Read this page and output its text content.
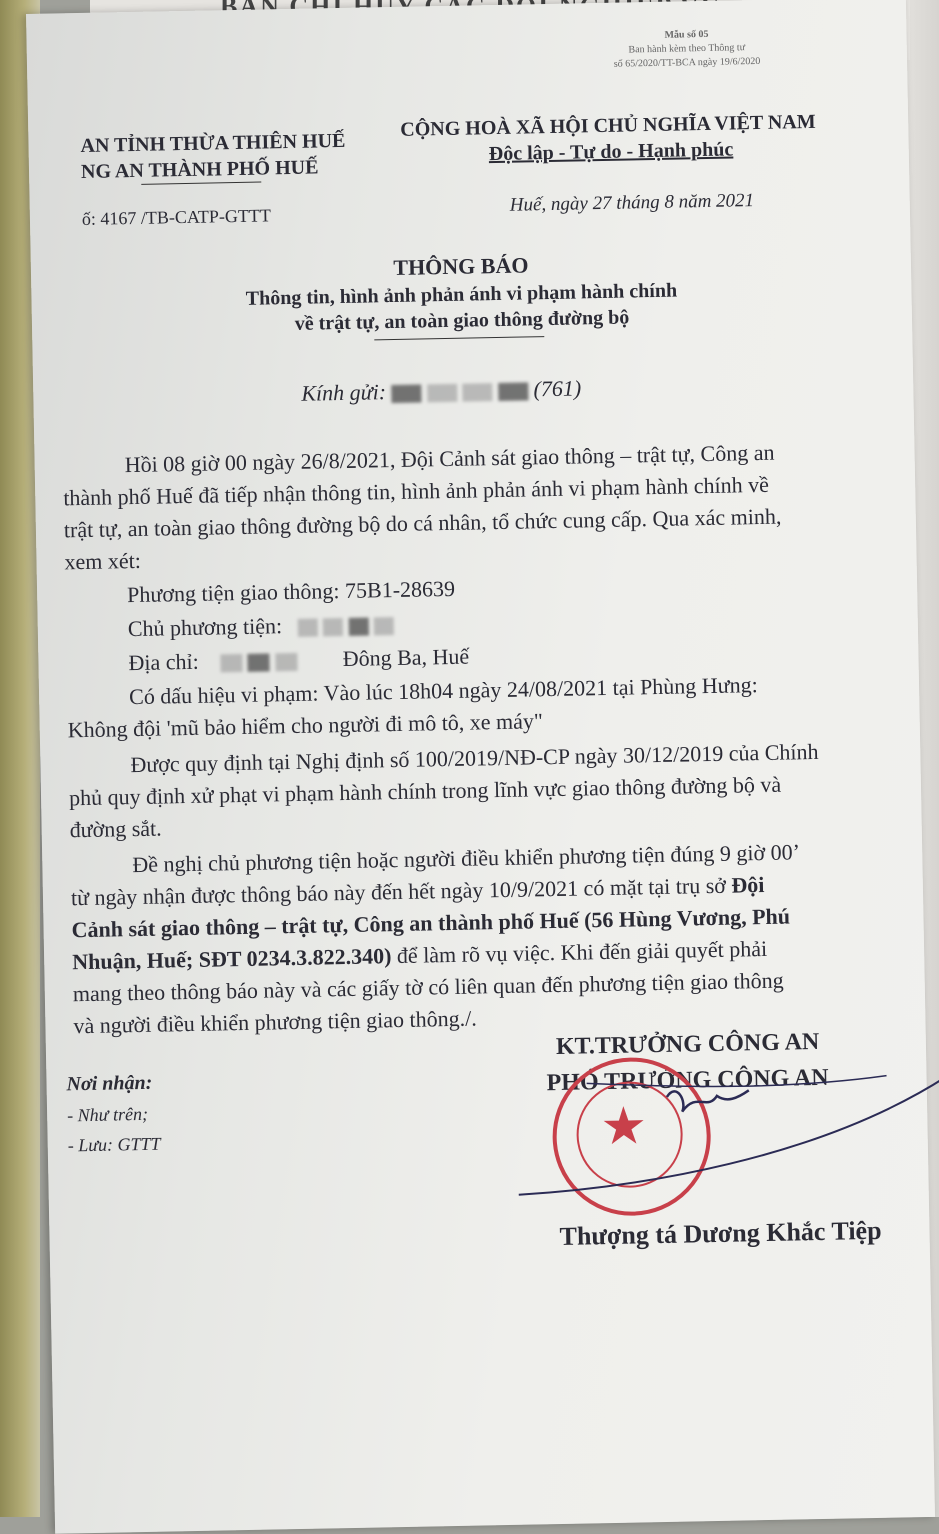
Mẫu số 05
Ban hành kèm theo Thông tư
số 65/2020/TT-BCA ngày 19/6/2020
AN TỈNH THỪA THIÊN HUẾ
NG AN THÀNH PHỐ HUẾ
ố: 4167 /TB-CATP-GTTT
CỘNG HOÀ XÃ HỘI CHỦ NGHĨA VIỆT NAM
Độc lập - Tự do - Hạnh phúc
Huế, ngày 27 tháng 8 năm 2021
THÔNG BÁO
Thông tin, hình ảnh phản ánh vi phạm hành chính
về trật tự, an toàn giao thông đường bộ
Kính gửi:	(761)
Hồi 08 giờ 00 ngày 26/8/2021, Đội Cảnh sát giao thông – trật tự, Công an
thành phố Huế đã tiếp nhận thông tin, hình ảnh phản ánh vi phạm hành chính về
trật tự, an toàn giao thông đường bộ do cá nhân, tổ chức cung cấp. Qua xác minh,
xem xét:
Phương tiện giao thông: 75B1-28639
Chủ phương tiện:
Địa chỉ:	Đông Ba, Huế
Có dấu hiệu vi phạm: Vào lúc 18h04 ngày 24/08/2021 tại Phùng Hưng:
Không đội 'mũ bảo hiểm cho người đi mô tô, xe máy"
Được quy định tại Nghị định số 100/2019/NĐ-CP ngày 30/12/2019 của Chính
phủ quy định xử phạt vi phạm hành chính trong lĩnh vực giao thông đường bộ và
đường sắt.
Đề nghị chủ phương tiện hoặc người điều khiển phương tiện đúng 9 giờ 00’
từ ngày nhận được thông báo này đến hết ngày 10/9/2021 có mặt tại trụ sở Đội
Cảnh sát giao thông – trật tự, Công an thành phố Huế (56 Hùng Vương, Phú
Nhuận, Huế; SĐT 0234.3.822.340) để làm rõ vụ việc. Khi đến giải quyết phải
mang theo thông báo này và các giấy tờ có liên quan đến phương tiện giao thông
và người điều khiển phương tiện giao thông./.
Nơi nhận:
- Như trên;
- Lưu: GTTT
KT.TRƯỞNG CÔNG AN
PHÓ TRƯỞNG CÔNG AN
★
Thượng tá Dương Khắc Tiệp
